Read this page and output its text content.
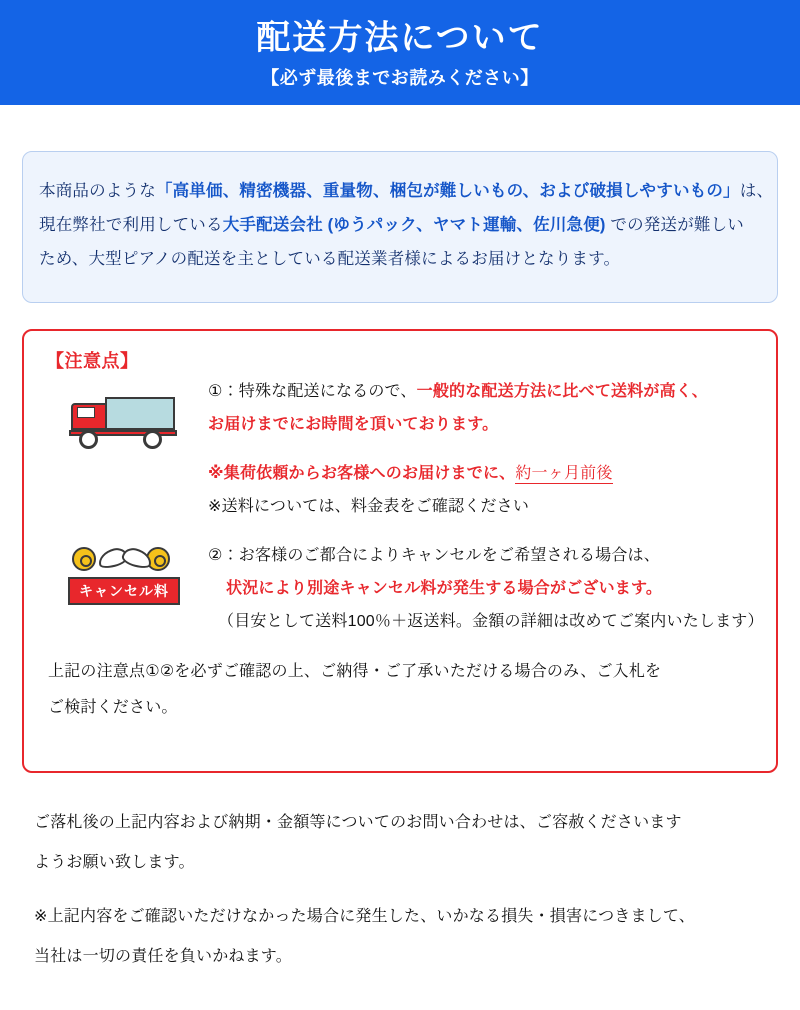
配送方法について
【必ず最後までお読みください】
本商品のような「高単価、精密機器、重量物、梱包が難しいもの、および破損しやすいもの」は、
現在弊社で利用している大手配送会社 (ゆうパック、ヤマト運輸、佐川急便) での発送が難しい
ため、大型ピアノの配送を主としている配送業者様によるお届けとなります。
【注意点】
①：特殊な配送になるので、一般的な配送方法に比べて送料が高く、
お届けまでにお時間を頂いております。
※集荷依頼からお客様へのお届けまでに、約一ヶ月前後
※送料については、料金表をご確認ください
キャンセル料
②：お客様のご都合によりキャンセルをご希望される場合は、
状況により別途キャンセル料が発生する場合がございます。
（目安として送料100％＋返送料。金額の詳細は改めてご案内いたします）
上記の注意点①②を必ずご確認の上、ご納得・ご了承いただける場合のみ、ご入札を
ご検討ください。
ご落札後の上記内容および納期・金額等についてのお問い合わせは、ご容赦くださいます
ようお願い致します。
※上記内容をご確認いただけなかった場合に発生した、いかなる損失・損害につきまして、
当社は一切の責任を負いかねます。
